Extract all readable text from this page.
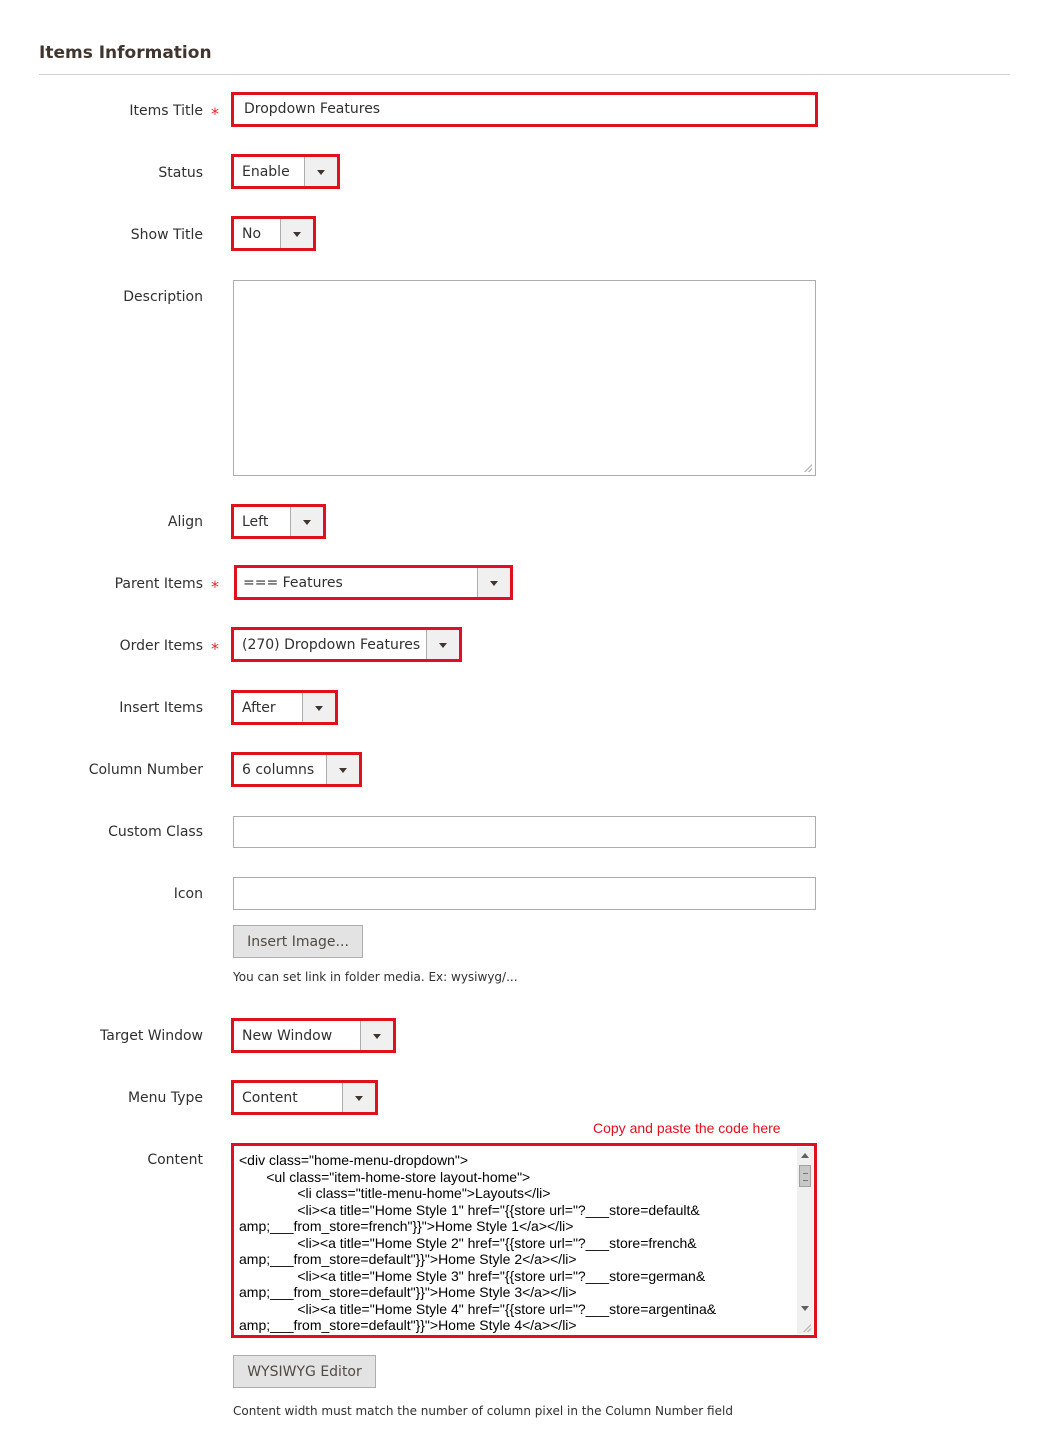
Items Information
Items Title * Dropdown Features
Status	Enable
Show Title	No
Description
Align	Left
Parent Items * === Features
Order Items * (270) Dropdown Features
Insert Items	After
Column Number	6 columns
Custom Class
Icon
Insert Image...
You can set link in folder media. Ex: wysiwyg/...
Target Window	New Window
Menu Type	Content
Copy and paste the code here
Content	<div class="home-menu-dropdown">
<ul class="item-home-store layout-home">
<li class="title-menu-home">Layouts</li>
<li><a title="Home Style 1" href="{{store url="?___store=default&
amp;___from_store=french"}}">Home Style 1</a></li>
<li><a title="Home Style 2" href="{{store url="?___store=french&
amp;___from_store=default"}}">Home Style 2</a></li>
<li><a title="Home Style 3" href="{{store url="?___store=german&
amp;___from_store=default"}}">Home Style 3</a></li>
<li><a title="Home Style 4" href="{{store url="?___store=argentina&
amp;___from_store=default"}}">Home Style 4</a></li>
WYSIWYG Editor
Content width must match the number of column pixel in the Column Number field
